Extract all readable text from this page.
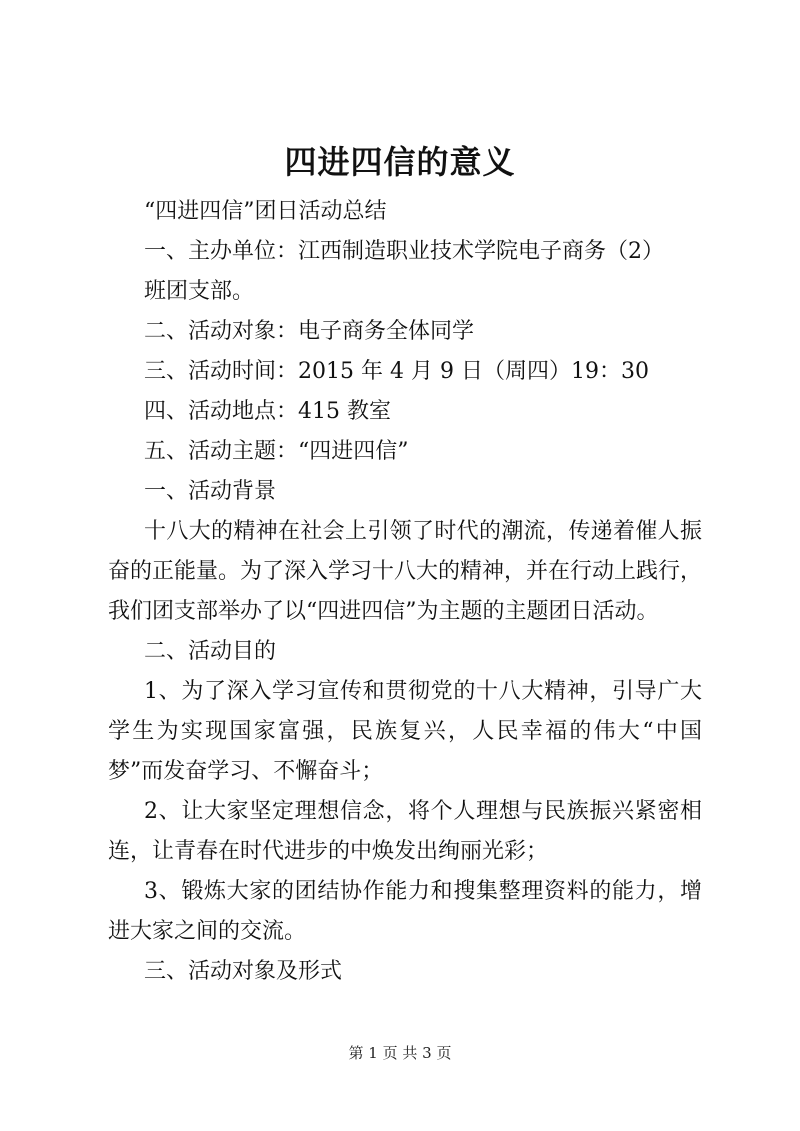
四进四信的意义

“四进四信”团日活动总结

一、主办单位：江西制造职业技术学院电子商务（2）

班团支部。

二、活动对象：电子商务全体同学

三、活动时间：2015 年 4 月 9 日（周四）19：30

四、活动地点：415 教室

五、活动主题：“四进四信”

一、活动背景

十八大的精神在社会上引领了时代的潮流，传递着催人振奋的正能量。为了深入学习十八大的精神，并在行动上践行，我们团支部举办了以“四进四信”为主题的主题团日活动。

二、活动目的

1、为了深入学习宣传和贯彻党的十八大精神，引导广大学生为实现国家富强，民族复兴，人民幸福的伟大“中国梦”而发奋学习、不懈奋斗；

2、让大家坚定理想信念，将个人理想与民族振兴紧密相连，让青春在时代进步的中焕发出绚丽光彩；

3、锻炼大家的团结协作能力和搜集整理资料的能力，增进大家之间的交流。

三、活动对象及形式

第 1 页 共 3 页
